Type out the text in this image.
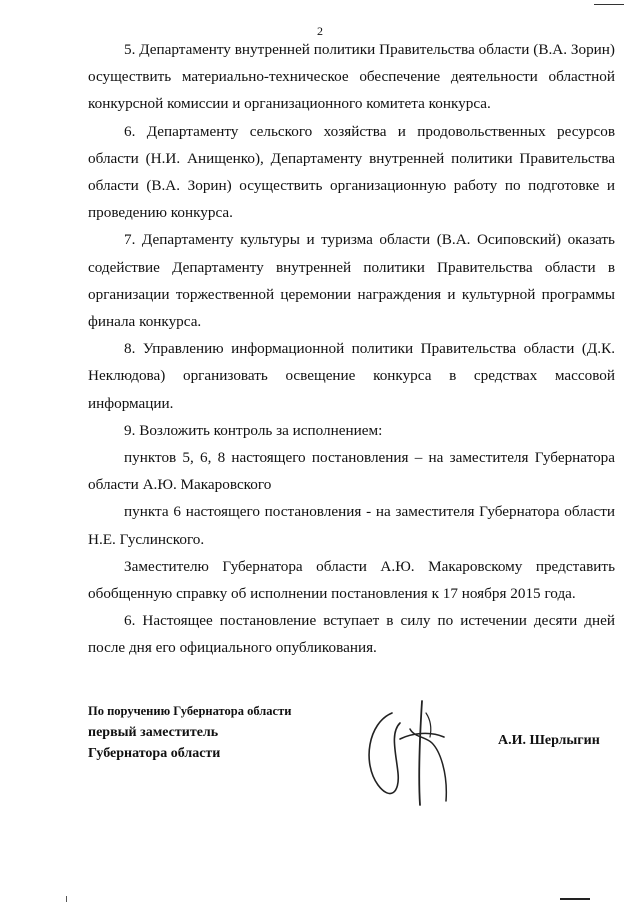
2

5. Департаменту внутренней политики Правительства области (В.А. Зорин) осуществить материально-техническое обеспечение деятельности областной конкурсной комиссии и организационного комитета конкурса.

6. Департаменту сельского хозяйства и продовольственных ресурсов области (Н.И. Анищенко), Департаменту внутренней политики Правительства области (В.А. Зорин) осуществить организационную работу по подготовке и проведению конкурса.

7. Департаменту культуры и туризма области (В.А. Осиповский) оказать содействие Департаменту внутренней политики Правительства области в организации торжественной церемонии награждения и культурной программы финала конкурса.

8. Управлению информационной политики Правительства области (Д.К. Неклюдова) организовать освещение конкурса в средствах массовой информации.

9. Возложить контроль за исполнением:

пунктов 5, 6, 8 настоящего постановления – на заместителя Губернатора области А.Ю. Макаровского

пункта 6 настоящего постановления - на заместителя Губернатора области Н.Е. Гуслинского.

Заместителю Губернатора области А.Ю. Макаровскому представить обобщенную справку об исполнении постановления к 17 ноября 2015 года.

6. Настоящее постановление вступает в силу по истечении десяти дней после дня его официального опубликования.

По поручению Губернатора области
первый заместитель
Губернатора области
А.И. Шерлыгин
